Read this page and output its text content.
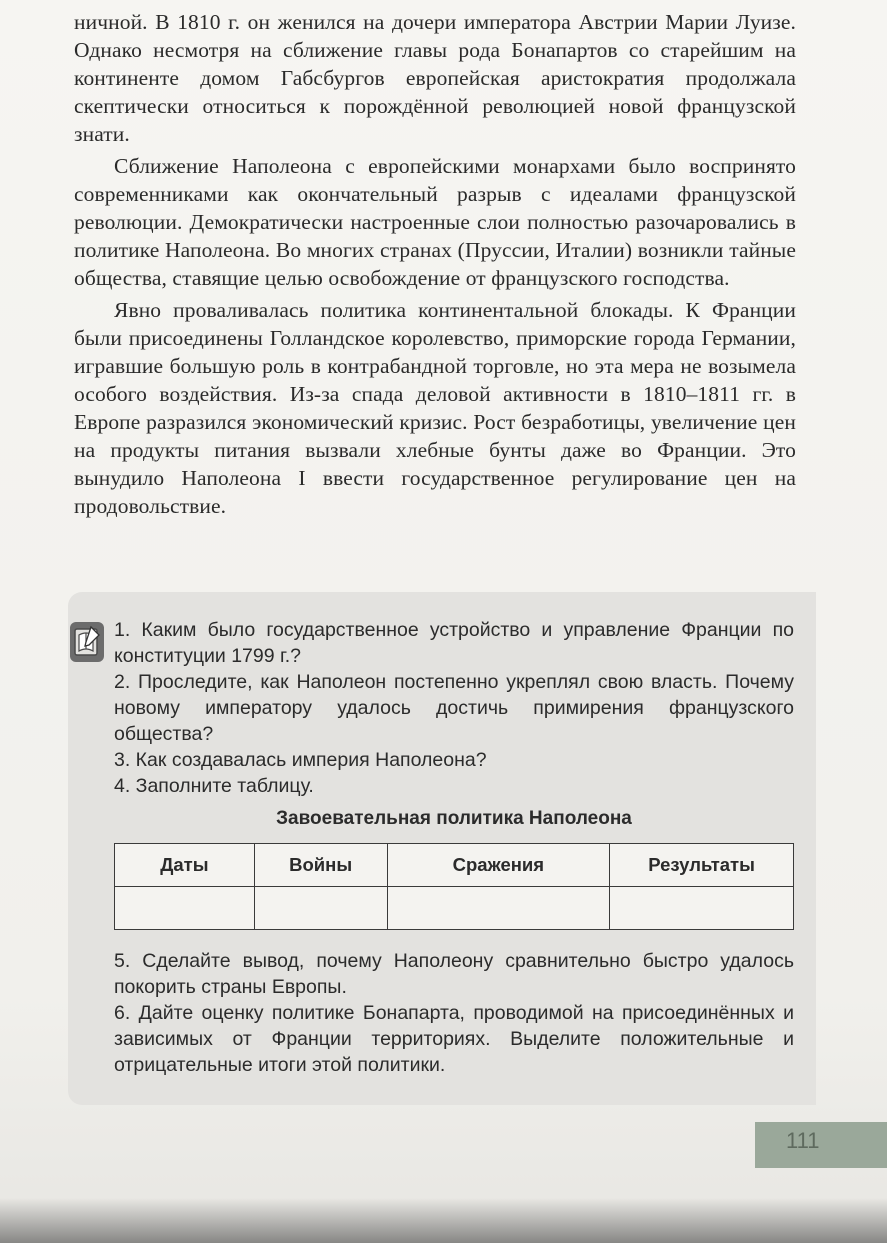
ничной. В 1810 г. он женился на дочери императора Австрии Марии Луизе. Однако несмотря на сближение главы рода Бонапартов со старейшим на континенте домом Габсбургов европейская аристократия продолжала скептически относиться к порождённой революцией новой французской знати.

Сближение Наполеона с европейскими монархами было воспринято современниками как окончательный разрыв с идеалами французской революции. Демократически настроенные слои полностью разочаровались в политике Наполеона. Во многих странах (Пруссии, Италии) возникли тайные общества, ставящие целью освобождение от французского господства.

Явно проваливалась политика континентальной блокады. К Франции были присоединены Голландское королевство, приморские города Германии, игравшие большую роль в контрабандной торговле, но эта мера не возымела особого воздействия. Из-за спада деловой активности в 1810–1811 гг. в Европе разразился экономический кризис. Рост безработицы, увеличение цен на продукты питания вызвали хлебные бунты даже во Франции. Это вынудило Наполеона I ввести государственное регулирование цен на продовольствие.

1. Каким было государственное устройство и управление Франции по конституции 1799 г.?

2. Проследите, как Наполеон постепенно укреплял свою власть. Почему новому императору удалось достичь примирения французского общества?

3. Как создавалась империя Наполеона?

4. Заполните таблицу.

Завоевательная политика Наполеона
Даты	Войны	Сражения	Результаты

5. Сделайте вывод, почему Наполеону сравнительно быстро удалось покорить страны Европы.

6. Дайте оценку политике Бонапарта, проводимой на присоединённых и зависимых от Франции территориях. Выделите положительные и отрицательные итоги этой политики.

111
